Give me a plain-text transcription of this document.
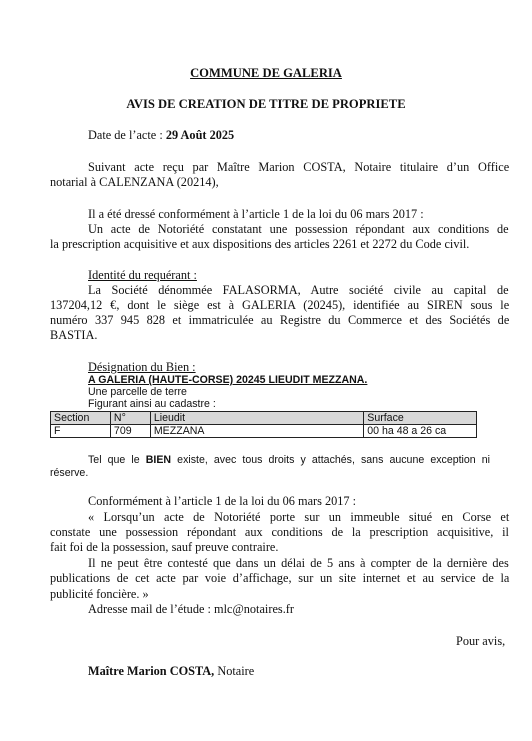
COMMUNE DE GALERIA
AVIS DE CREATION DE TITRE DE PROPRIETE
Date de l’acte : 29 Août 2025
Suivant acte reçu par Maître Marion COSTA, Notaire titulaire d’un Office
notarial à CALENZANA (20214),
Il a été dressé conformément à l’article 1 de la loi du 06 mars 2017 :
Un acte de Notoriété constatant une possession répondant aux conditions de
la prescription acquisitive et aux dispositions des articles 2261 et 2272 du Code civil.
Identité du requérant :
La Société dénommée FALASORMA, Autre société civile au capital de
137204,12 €, dont le siège est à GALERIA (20245), identifiée au SIREN sous le
numéro 337 945 828 et immatriculée au Registre du Commerce et des Sociétés de
BASTIA.
Désignation du Bien :
A GALERIA (HAUTE-CORSE) 20245 LIEUDIT MEZZANA.
Une parcelle de terre
Figurant ainsi au cadastre :
Section	N°	Lieudit	Surface
F	709	MEZZANA	00 ha 48 a 26 ca
Tel que le BIEN existe, avec tous droits y attachés, sans aucune exception ni
réserve.
Conformément à l’article 1 de la loi du 06 mars 2017 :
« Lorsqu’un acte de Notoriété porte sur un immeuble situé en Corse et
constate une possession répondant aux conditions de la prescription acquisitive, il
fait foi de la possession, sauf preuve contraire.
Il ne peut être contesté que dans un délai de 5 ans à compter de la dernière des
publications de cet acte par voie d’affichage, sur un site internet et au service de la
publicité foncière. »
Adresse mail de l’étude : mlc@notaires.fr
Pour avis,
Maître Marion COSTA, Notaire
